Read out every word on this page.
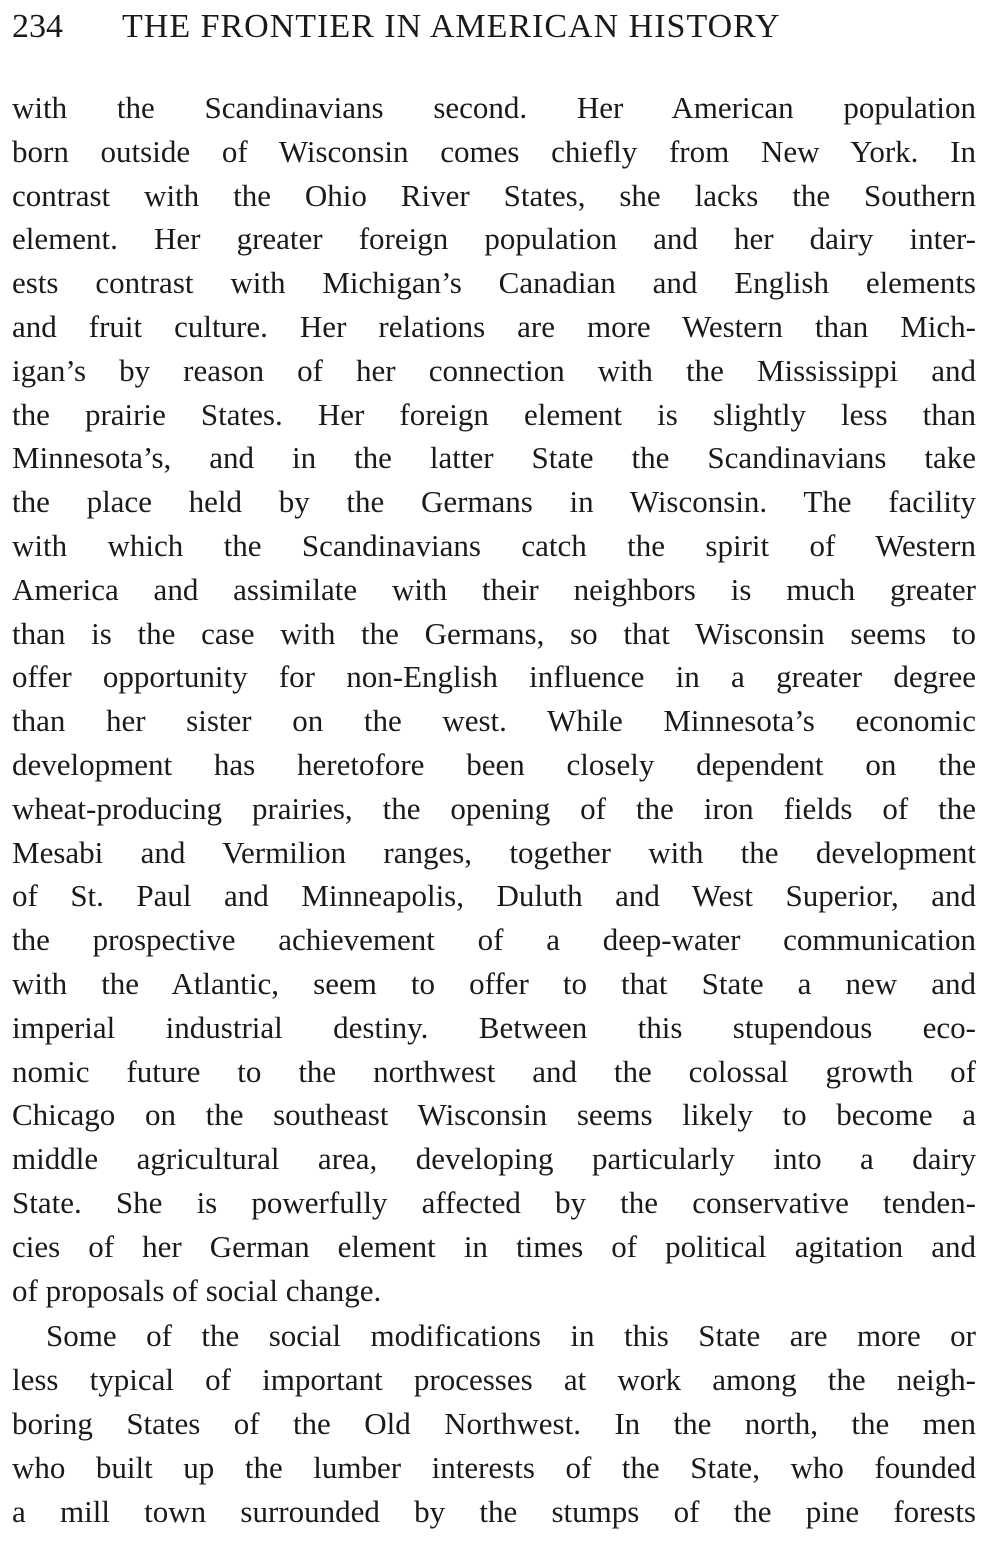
234 THE FRONTIER IN AMERICAN HISTORY
with the Scandinavians second. Her American population
born outside of Wisconsin comes chiefly from New York. In
contrast with the Ohio River States, she lacks the Southern
element. Her greater foreign population and her dairy inter-
ests contrast with Michigan’s Canadian and English elements
and fruit culture. Her relations are more Western than Mich-
igan’s by reason of her connection with the Mississippi and
the prairie States. Her foreign element is slightly less than
Minnesota’s, and in the latter State the Scandinavians take
the place held by the Germans in Wisconsin. The facility
with which the Scandinavians catch the spirit of Western
America and assimilate with their neighbors is much greater
than is the case with the Germans, so that Wisconsin seems to
offer opportunity for non-English influence in a greater degree
than her sister on the west. While Minnesota’s economic
development has heretofore been closely dependent on the
wheat-producing prairies, the opening of the iron fields of the
Mesabi and Vermilion ranges, together with the development
of St. Paul and Minneapolis, Duluth and West Superior, and
the prospective achievement of a deep-water communication
with the Atlantic, seem to offer to that State a new and
imperial industrial destiny. Between this stupendous eco-
nomic future to the northwest and the colossal growth of
Chicago on the southeast Wisconsin seems likely to become a
middle agricultural area, developing particularly into a dairy
State. She is powerfully affected by the conservative tenden-
cies of her German element in times of political agitation and
of proposals of social change.
Some of the social modifications in this State are more or
less typical of important processes at work among the neigh-
boring States of the Old Northwest. In the north, the men
who built up the lumber interests of the State, who founded
a mill town surrounded by the stumps of the pine forests
